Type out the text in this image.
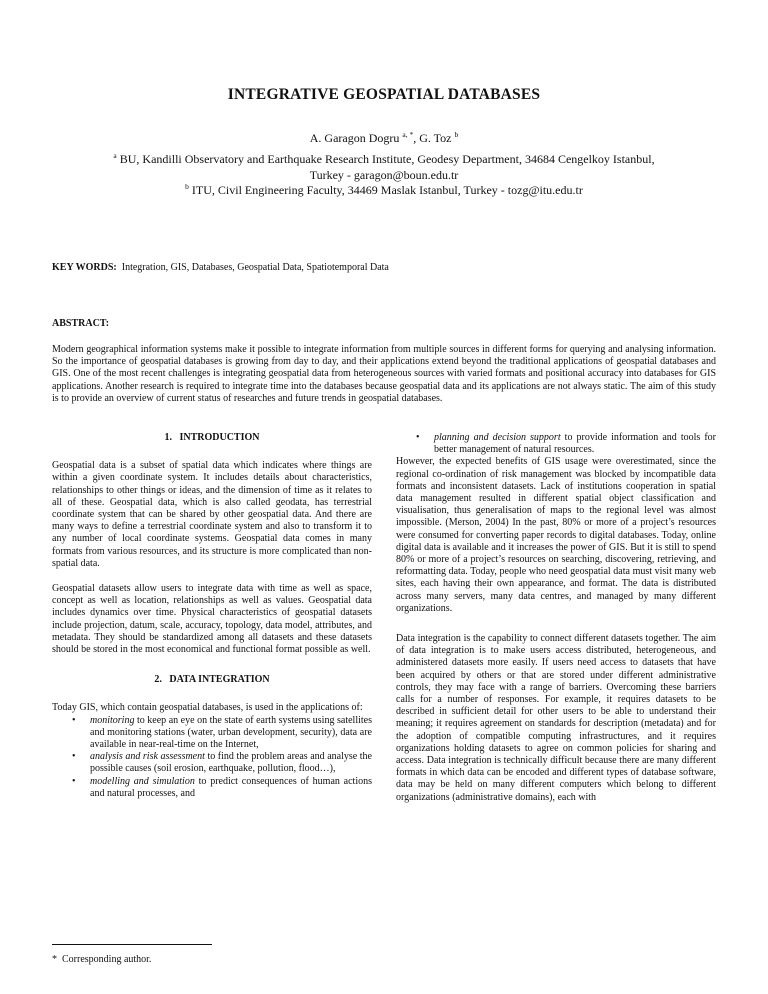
INTEGRATIVE GEOSPATIAL DATABASES
A. Garagon Dogru $^{a, *}$, G. Toz $^b$

$^a$ BU, Kandilli Observatory and Earthquake Research Institute, Geodesy Department, 34684 Cengelkoy Istanbul,

Turkey - garagon@boun.edu.tr

$^b$ ITU, Civil Engineering Faculty, 34469 Maslak Istanbul, Turkey - tozg@itu.edu.tr

KEY WORDS:  Integration, GIS, Databases, Geospatial Data, Spatiotemporal Data
ABSTRACT:

Modern geographical information systems make it possible to integrate information from multiple sources in different forms for querying and analysing information. So the importance of geospatial databases is growing from day to day, and their applications extend beyond the traditional applications of geospatial databases and GIS. One of the most recent challenges is integrating geospatial data from heterogeneous sources with varied formats and positional accuracy into databases for GIS applications. Another research is required to integrate time into the databases because geospatial data and its applications are not always static. The aim of this study is to provide an overview of current status of researches and future trends in geospatial databases.

1.   INTRODUCTION

Geospatial data is a subset of spatial data which indicates where things are within a given coordinate system. It includes details about characteristics, relationships to other things or ideas, and the dimension of time as it relates to all of these. Geospatial data, which is also called geodata, has terrestrial coordinate system that can be shared by other geospatial data. And there are many ways to define a terrestrial coordinate system and also to transform it to any number of local coordinate systems. Geospatial data comes in many formats from various resources, and its structure is more complicated than non-spatial data.

Geospatial datasets allow users to integrate data with time as well as space, concept as well as location, relationships as well as values. Geospatial data includes dynamics over time. Physical characteristics of geospatial datasets include projection, datum, scale, accuracy, topology, data model, attributes, and metadata. They should be standardized among all datasets and these datasets should be stored in the most economical and functional format possible as well.

2.   DATA INTEGRATION

Today GIS, which contain geospatial databases, is used in the applications of:

• monitoring to keep an eye on the state of earth systems using satellites and monitoring stations (water, urban development, security), data are available in near-real-time on the Internet,
• analysis and risk assessment to find the problem areas and analyse the possible causes (soil erosion, earthquake, pollution, flood…),
• modelling and simulation to predict consequences of human actions and natural processes, and
• planning and decision support to provide information and tools for better management of natural resources.

However, the expected benefits of GIS usage were overestimated, since the regional co-ordination of risk management was blocked by incompatible data formats and inconsistent datasets. Lack of institutions cooperation in spatial data management resulted in different spatial object classification and visualisation, thus generalisation of maps to the regional level was almost impossible. (Merson, 2004) In the past, 80% or more of a project’s resources were consumed for converting paper records to digital databases. Today, online digital data is available and it increases the power of GIS. But it is still to spend 80% or more of a project’s resources on searching, discovering, retrieving, and reformatting data. Today, people who need geospatial data must visit many web sites, each having their own appearance, and format. The data is distributed across many servers, many data centres, and managed by many different organizations.

Data integration is the capability to connect different datasets together. The aim of data integration is to make users access distributed, heterogeneous, and administered datasets more easily. If users need access to datasets that have been acquired by others or that are stored under different administrative controls, they may face with a range of barriers. Overcoming these barriers calls for a number of responses. For example, it requires datasets to be described in sufficient detail for other users to be able to understand their meaning; it requires agreement on standards for description (metadata) and for the adoption of compatible computing infrastructures, and it requires organizations holding datasets to agree on common policies for sharing and access. Data integration is technically difficult because there are many different formats in which data can be encoded and different types of database software, data may be held on many different computers which belong to different organizations (administrative domains), each with

*  Corresponding author.
